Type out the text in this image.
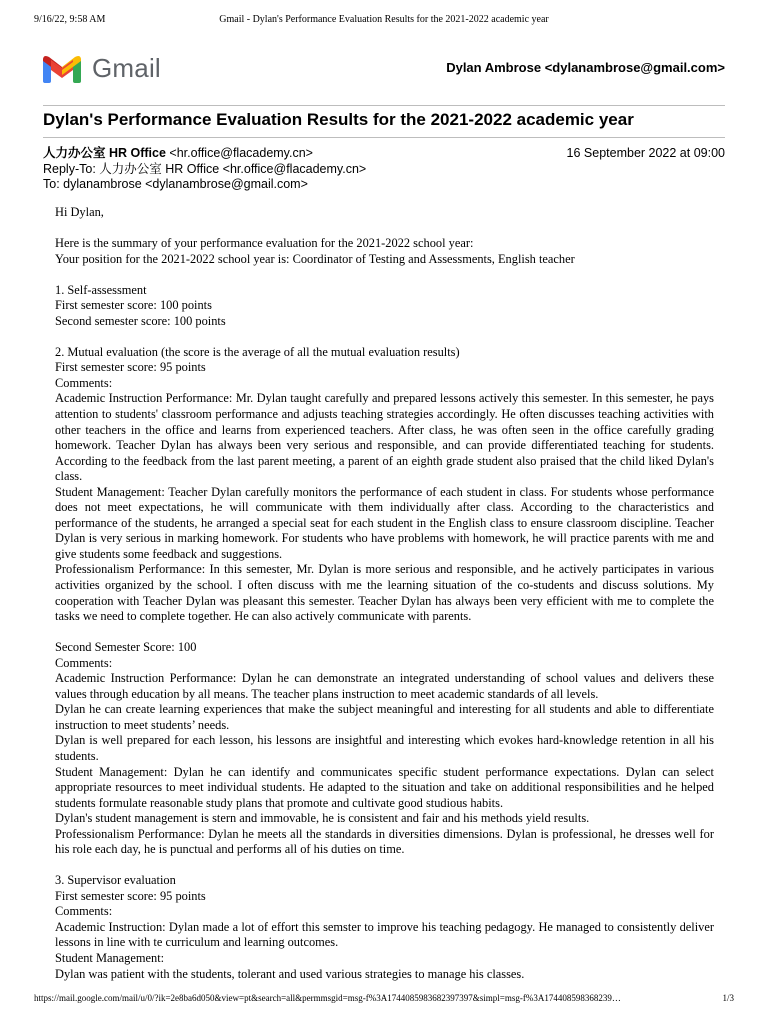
9/16/22, 9:58 AM	Gmail - Dylan's Performance Evaluation Results for the 2021-2022 academic year
Gmail	Dylan Ambrose <dylanambrose@gmail.com>
Dylan's Performance Evaluation Results for the 2021-2022 academic year
人力办公室 HR Office <hr.office@flacademy.cn>	16 September 2022 at 09:00
Reply-To: 人力办公室 HR Office <hr.office@flacademy.cn>
To: dylanambrose <dylanambrose@gmail.com>

Hi Dylan,

Here is the summary of your performance evaluation for the 2021-2022 school year:

Your position for the 2021-2022 school year is: Coordinator of Testing and Assessments, English teacher

1. Self-assessment

First semester score: 100 points

Second semester score: 100 points

2. Mutual evaluation (the score is the average of all the mutual evaluation results)

First semester score: 95 points

Comments:

Academic Instruction Performance: Mr. Dylan taught carefully and prepared lessons actively this semester. In this semester, he pays attention to students' classroom performance and adjusts teaching strategies accordingly. He often discusses teaching activities with other teachers in the office and learns from experienced teachers. After class, he was often seen in the office carefully grading homework. Teacher Dylan has always been very serious and responsible, and can provide differentiated teaching for students. According to the feedback from the last parent meeting, a parent of an eighth grade student also praised that the child liked Dylan's class.

Student Management: Teacher Dylan carefully monitors the performance of each student in class. For students whose performance does not meet expectations, he will communicate with them individually after class. According to the characteristics and performance of the students, he arranged a special seat for each student in the English class to ensure classroom discipline. Teacher Dylan is very serious in marking homework. For students who have problems with homework, he will practice parents with me and give students some feedback and suggestions.

Professionalism Performance: In this semester, Mr. Dylan is more serious and responsible, and he actively participates in various activities organized by the school. I often discuss with me the learning situation of the co-students and discuss solutions. My cooperation with Teacher Dylan was pleasant this semester. Teacher Dylan has always been very efficient with me to complete the tasks we need to complete together. He can also actively communicate with parents.

Second Semester Score: 100

Comments:

Academic Instruction Performance: Dylan he can demonstrate an integrated understanding of school values and delivers these values through education by all means. The teacher plans instruction to meet academic standards of all levels.

Dylan he can create learning experiences that make the subject meaningful and interesting for all students and able to differentiate instruction to meet students’ needs.

Dylan is well prepared for each lesson, his lessons are insightful and interesting which evokes hard-knowledge retention in all his students.

Student Management: Dylan he can identify and communicates specific student performance expectations. Dylan can select appropriate resources to meet individual students. He adapted to the situation and take on additional responsibilities and he helped students formulate reasonable study plans that promote and cultivate good studious habits.

Dylan's student management is stern and immovable, he is consistent and fair and his methods yield results.

Professionalism Performance: Dylan he meets all the standards in diversities dimensions. Dylan is professional, he dresses well for his role each day, he is punctual and performs all of his duties on time.

3. Supervisor evaluation

First semester score: 95 points

Comments:

Academic Instruction: Dylan made a lot of effort this semster to improve his teaching pedagogy. He managed to consistently deliver lessons in line with te curriculum and learning outcomes.

Student Management:

Dylan was patient with the students, tolerant and used various strategies to manage his classes.

https://mail.google.com/mail/u/0/?ik=2e8ba6d050&view=pt&search=all&permmsgid=msg-f%3A1744085983682397397&simpl=msg-f%3A174408598368239…	1/3
